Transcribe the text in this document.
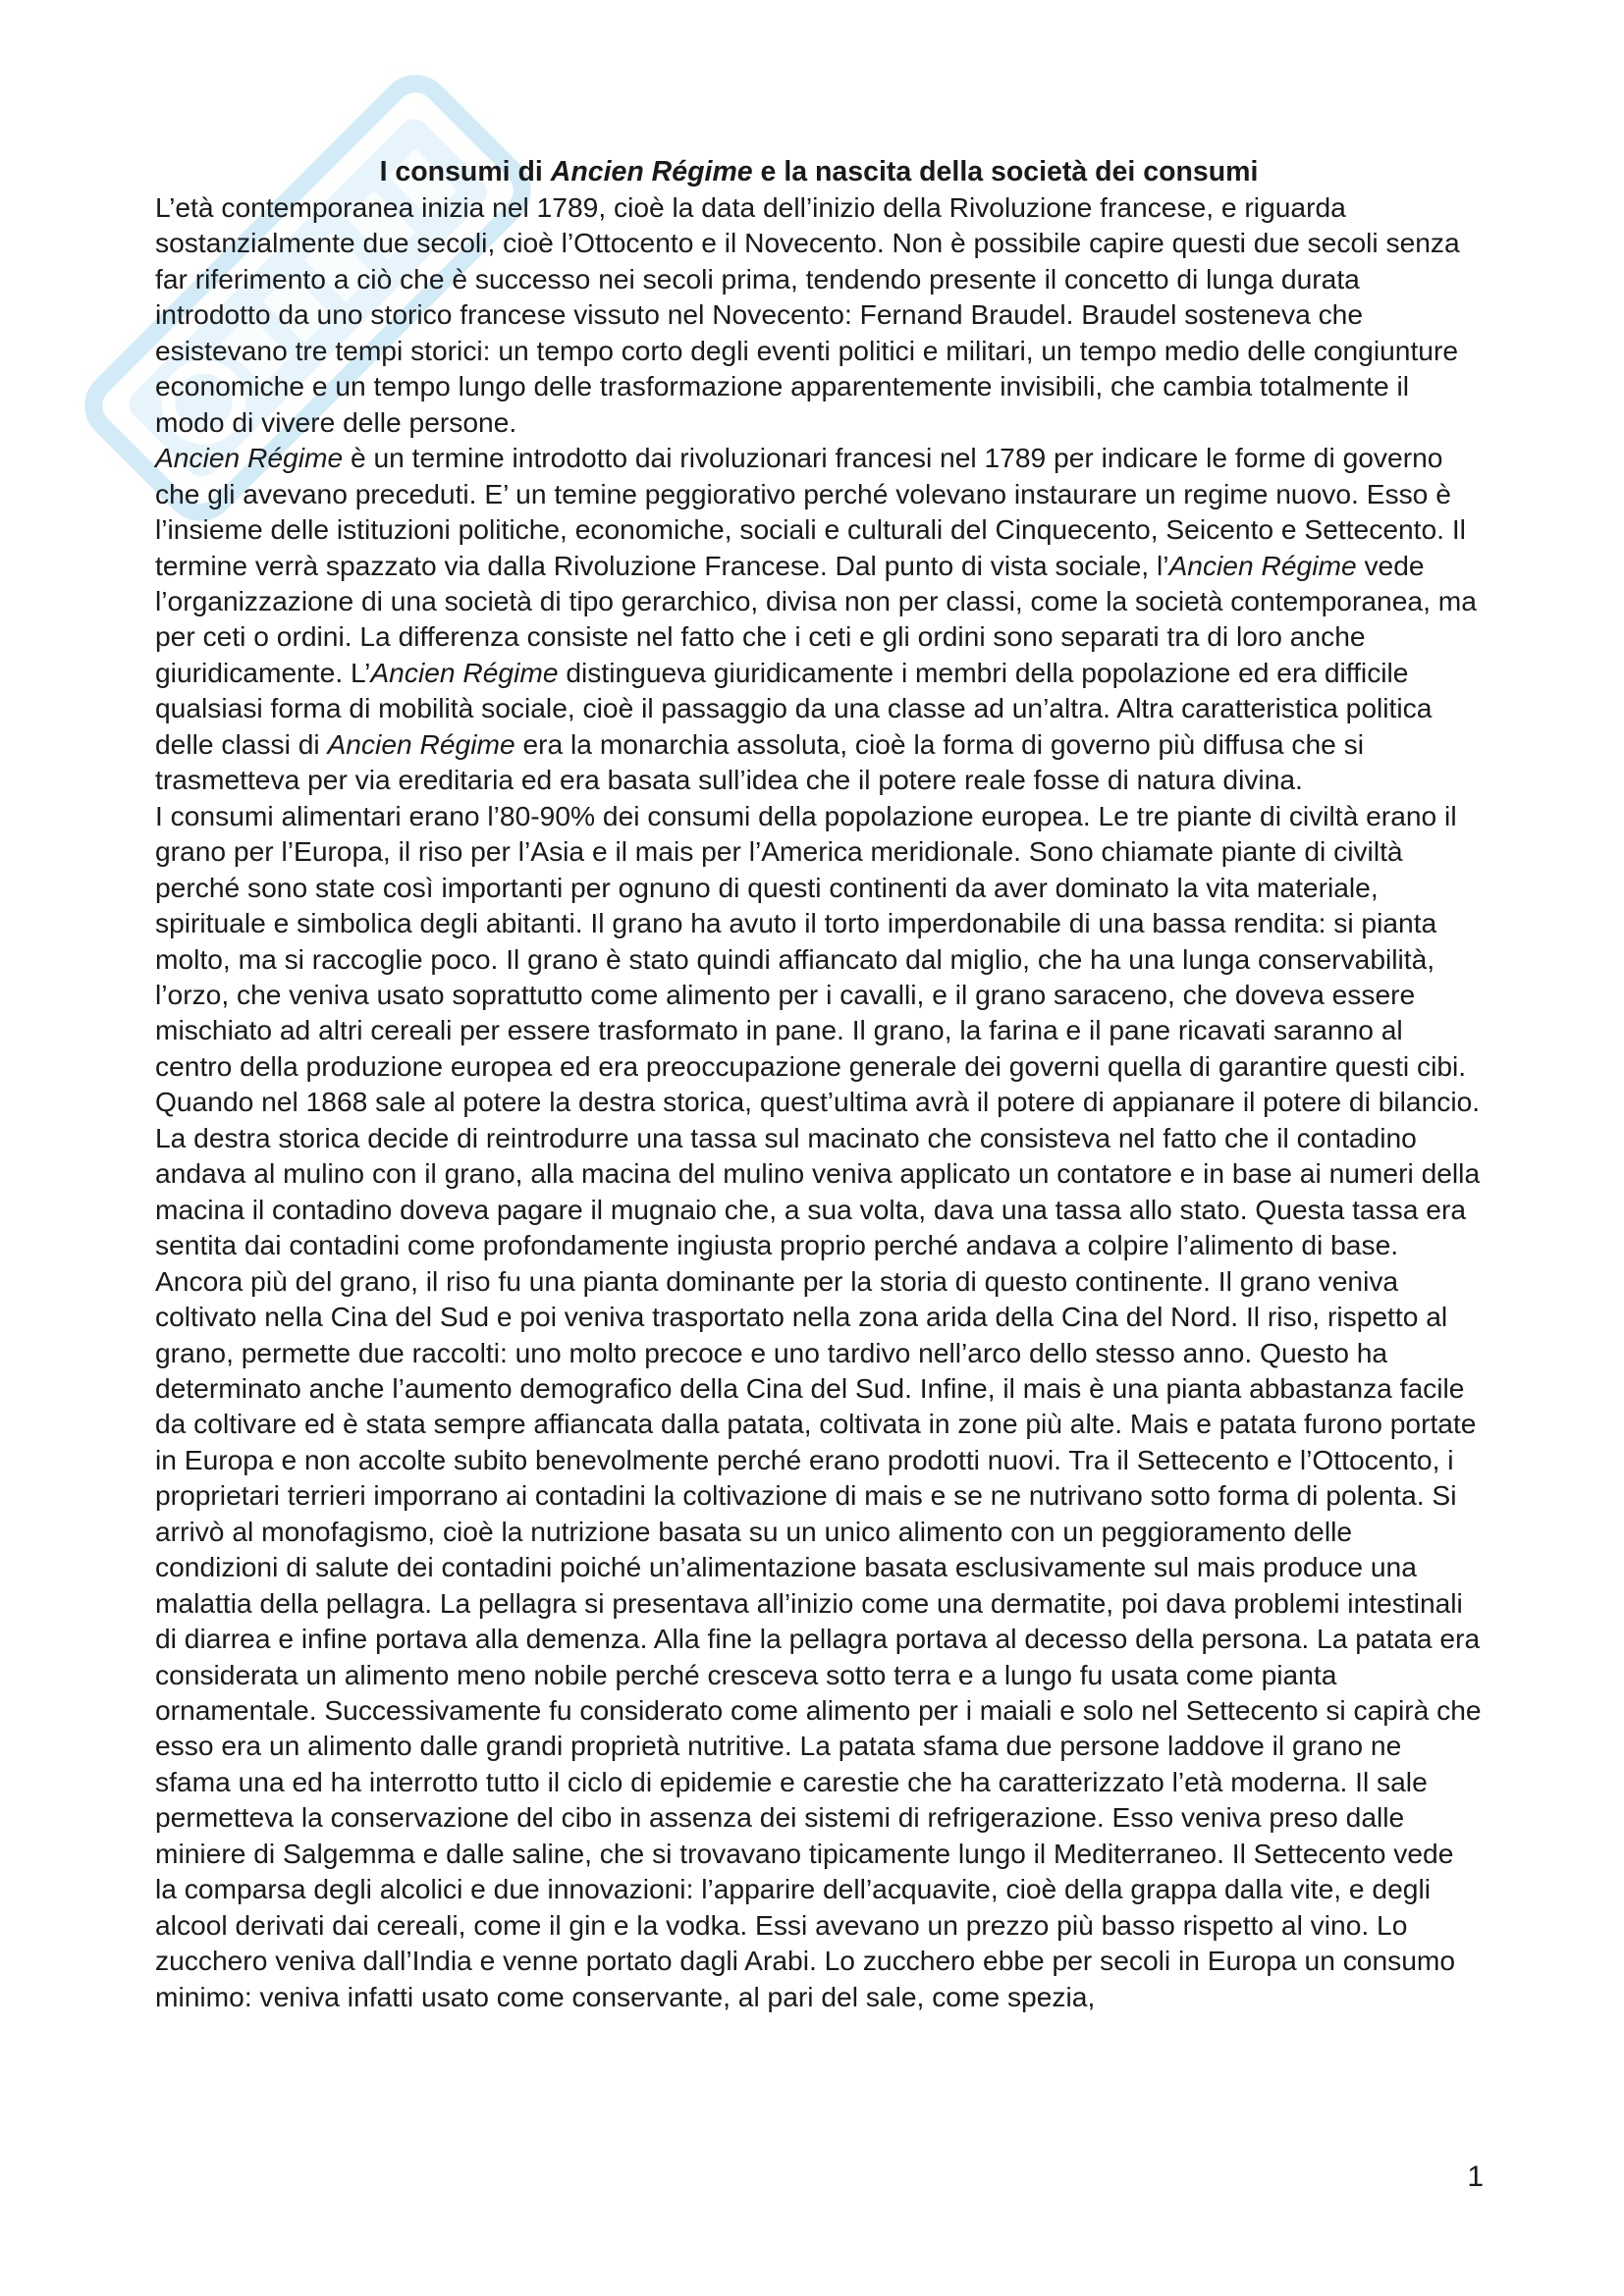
I consumi di Ancien Régime e la nascita della società dei consumi

L’età contemporanea inizia nel 1789, cioè la data dell’inizio della Rivoluzione francese, e riguarda sostanzialmente due secoli, cioè l’Ottocento e il Novecento. Non è possibile capire questi due secoli senza far riferimento a ciò che è successo nei secoli prima, tendendo presente il concetto di lunga durata introdotto da uno storico francese vissuto nel Novecento: Fernand Braudel. Braudel sosteneva che esistevano tre tempi storici: un tempo corto degli eventi politici e militari, un tempo medio delle congiunture economiche e un tempo lungo delle trasformazione apparentemente invisibili, che cambia totalmente il modo di vivere delle persone.

Ancien Régime è un termine introdotto dai rivoluzionari francesi nel 1789 per indicare le forme di governo che gli avevano preceduti. E’ un temine peggiorativo perché volevano instaurare un regime nuovo. Esso è l’insieme delle istituzioni politiche, economiche, sociali e culturali del Cinquecento, Seicento e Settecento. Il termine verrà spazzato via dalla Rivoluzione Francese. Dal punto di vista sociale, l’Ancien Régime vede l’organizzazione di una società di tipo gerarchico, divisa non per classi, come la società contemporanea, ma per ceti o ordini. La differenza consiste nel fatto che i ceti e gli ordini sono separati tra di loro anche giuridicamente. L’Ancien Régime distingueva giuridicamente i membri della popolazione ed era difficile qualsiasi forma di mobilità sociale, cioè il passaggio da una classe ad un’altra. Altra caratteristica politica delle classi di Ancien Régime era la monarchia assoluta, cioè la forma di governo più diffusa che si trasmetteva per via ereditaria ed era basata sull’idea che il potere reale fosse di natura divina.

I consumi alimentari erano l’80-90% dei consumi della popolazione europea. Le tre piante di civiltà erano il grano per l’Europa, il riso per l’Asia e il mais per l’America meridionale. Sono chiamate piante di civiltà perché sono state così importanti per ognuno di questi continenti da aver dominato la vita materiale, spirituale e simbolica degli abitanti. Il grano ha avuto il torto imperdonabile di una bassa rendita: si pianta molto, ma si raccoglie poco. Il grano è stato quindi affiancato dal miglio, che ha una lunga conservabilità, l’orzo, che veniva usato soprattutto come alimento per i cavalli, e il grano saraceno, che doveva essere mischiato ad altri cereali per essere trasformato in pane. Il grano, la farina e il pane ricavati saranno al centro della produzione europea ed era preoccupazione generale dei governi quella di garantire questi cibi. Quando nel 1868 sale al potere la destra storica, quest’ultima avrà il potere di appianare il potere di bilancio. La destra storica decide di reintrodurre una tassa sul macinato che consisteva nel fatto che il contadino andava al mulino con il grano, alla macina del mulino veniva applicato un contatore e in base ai numeri della macina il contadino doveva pagare il mugnaio che, a sua volta, dava una tassa allo stato. Questa tassa era sentita dai contadini come profondamente ingiusta proprio perché andava a colpire l’alimento di base. Ancora più del grano, il riso fu una pianta dominante per la storia di questo continente. Il grano veniva coltivato nella Cina del Sud e poi veniva trasportato nella zona arida della Cina del Nord. Il riso, rispetto al grano, permette due raccolti: uno molto precoce e uno tardivo nell’arco dello stesso anno. Questo ha determinato anche l’aumento demografico della Cina del Sud. Infine, il mais è una pianta abbastanza facile da coltivare ed è stata sempre affiancata dalla patata, coltivata in zone più alte. Mais e patata furono portate in Europa e non accolte subito benevolmente perché erano prodotti nuovi. Tra il Settecento e l’Ottocento, i proprietari terrieri imporrano ai contadini la coltivazione di mais e se ne nutrivano sotto forma di polenta. Si arrivò al monofagismo, cioè la nutrizione basata su un unico alimento con un peggioramento delle condizioni di salute dei contadini poiché un’alimentazione basata esclusivamente sul mais produce una malattia della pellagra. La pellagra si presentava all’inizio come una dermatite, poi dava problemi intestinali di diarrea e infine portava alla demenza. Alla fine la pellagra portava al decesso della persona. La patata era considerata un alimento meno nobile perché cresceva sotto terra e a lungo fu usata come pianta ornamentale. Successivamente fu considerato come alimento per i maiali e solo nel Settecento si capirà che esso era un alimento dalle grandi proprietà nutritive. La patata sfama due persone laddove il grano ne sfama una ed ha interrotto tutto il ciclo di epidemie e carestie che ha caratterizzato l’età moderna. Il sale permetteva la conservazione del cibo in assenza dei sistemi di refrigerazione. Esso veniva preso dalle miniere di Salgemma e dalle saline, che si trovavano tipicamente lungo il Mediterraneo. Il Settecento vede la comparsa degli alcolici e due innovazioni: l’apparire dell’acquavite, cioè della grappa dalla vite, e degli alcool derivati dai cereali, come il gin e la vodka. Essi avevano un prezzo più basso rispetto al vino. Lo zucchero veniva dall’India e venne portato dagli Arabi. Lo zucchero ebbe per secoli in Europa un consumo minimo: veniva infatti usato come conservante, al pari del sale, come spezia,

1
